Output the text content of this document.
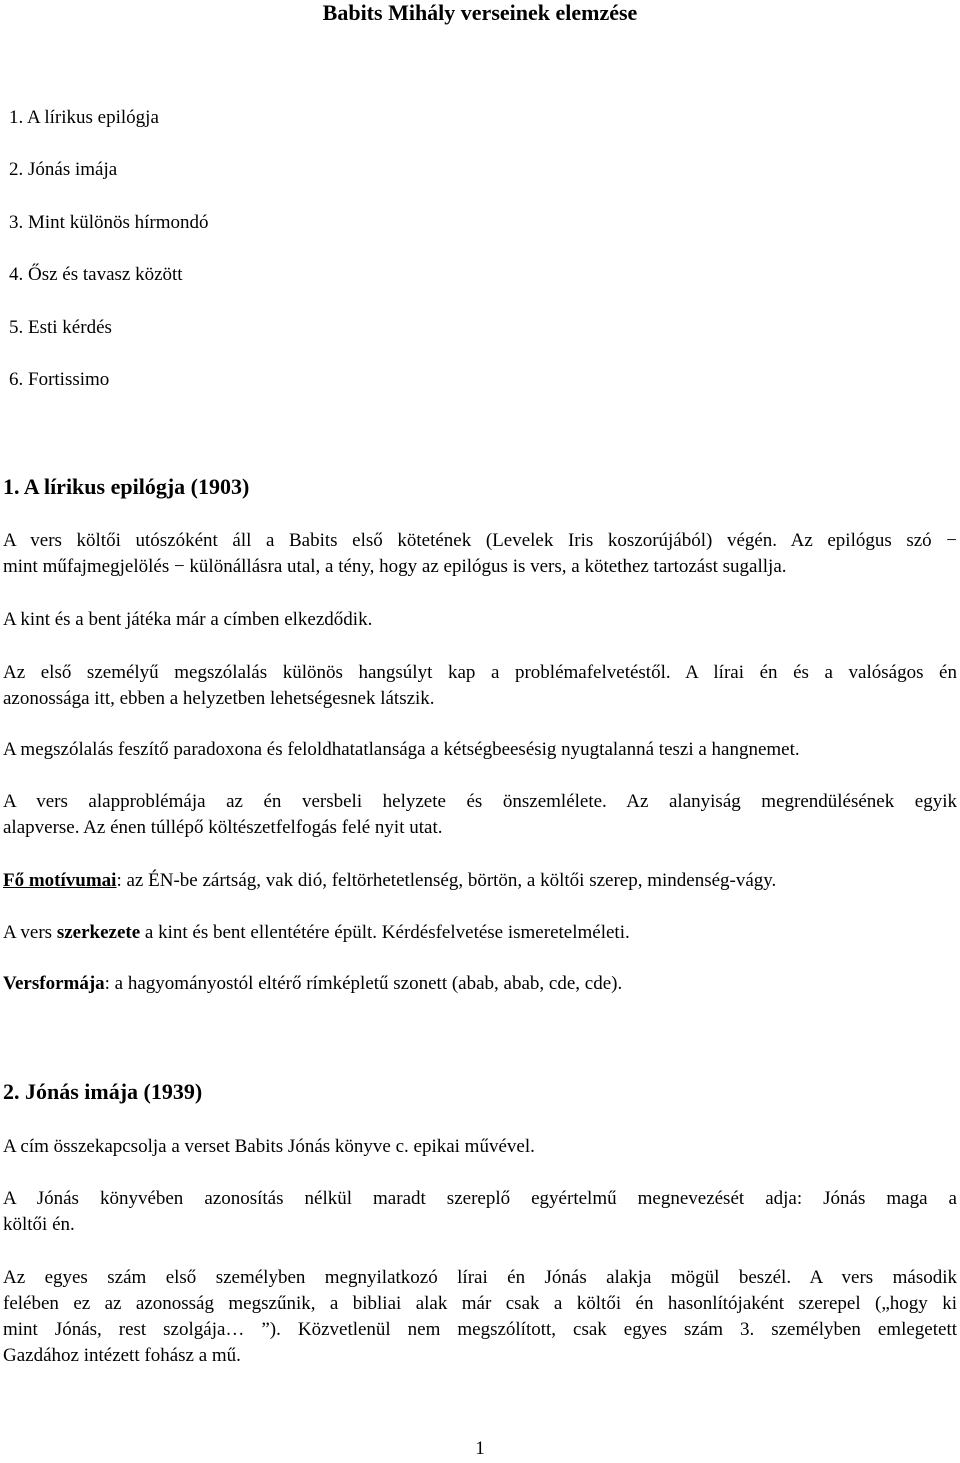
Babits Mihály verseinek elemzése
1. A lírikus epilógja
2. Jónás imája
3. Mint különös hírmondó
4. Ősz és tavasz között
5. Esti kérdés
6. Fortissimo
1. A lírikus epilógja (1903)
A vers költői utószóként áll a Babits első kötetének (Levelek Iris koszorújából) végén. Az epilógus szó −
mint műfajmegjelölés − különállásra utal, a tény, hogy az epilógus is vers, a kötethez tartozást sugallja.
A kint és a bent játéka már a címben elkezdődik.
Az első személyű megszólalás különös hangsúlyt kap a problémafelvetéstől. A lírai én és a valóságos én
azonossága itt, ebben a helyzetben lehetségesnek látszik.
A megszólalás feszítő paradoxona és feloldhatatlansága a kétségbeesésig nyugtalanná teszi a hangnemet.
A vers alapproblémája az én versbeli helyzete és önszemlélete. Az alanyiság megrendülésének egyik
alapverse. Az énen túllépő költészetfelfogás felé nyit utat.
Fő motívumai: az ÉN-be zártság, vak dió, feltörhetetlenség, börtön, a költői szerep, mindenség-vágy.
A vers szerkezete a kint és bent ellentétére épült. Kérdésfelvetése ismeretelméleti.
Versformája: a hagyományostól eltérő rímképletű szonett (abab, abab, cde, cde).
2. Jónás imája (1939)
A cím összekapcsolja a verset Babits Jónás könyve c. epikai művével.
A Jónás könyvében azonosítás nélkül maradt szereplő egyértelmű megnevezését adja: Jónás maga a
költői én.
Az egyes szám első személyben megnyilatkozó lírai én Jónás alakja mögül beszél. A vers második
felében ez az azonosság megszűnik, a bibliai alak már csak a költői én hasonlítójaként szerepel („hogy ki
mint Jónás, rest szolgája… ”). Közvetlenül nem megszólított, csak egyes szám 3. személyben emlegetett
Gazdához intézett fohász a mű.
1
